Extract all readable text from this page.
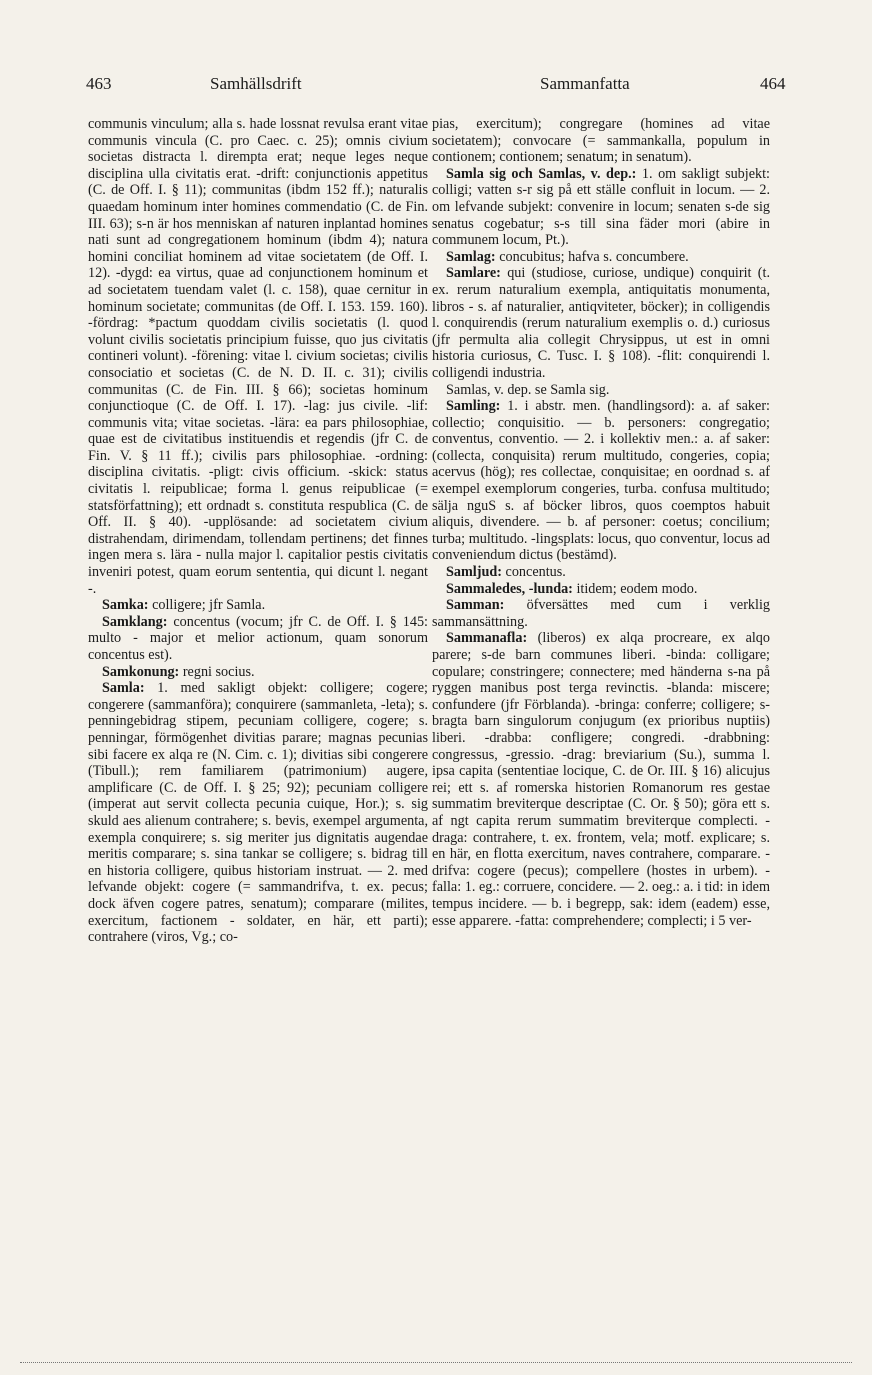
463	Samhällsdrift	Sammanfatta	464

communis vinculum; alla s. hade lossnat revulsa erant vitae communis vincula (C. pro Caec. c. 25); omnis civium societas distracta l. dirempta erat; neque leges neque disciplina ulla civitatis erat. -drift: conjunctionis appetitus (C. de Off. I. § 11); communitas (ibdm 152 ff.); naturalis quaedam hominum inter homines commendatio (C. de Fin. III. 63); s-n är hos menniskan af naturen inplantad homines nati sunt ad congregationem hominum (ibdm 4); natura homini conciliat hominem ad vitae societatem (de Off. I. 12). -dygd: ea virtus, quae ad conjunctionem hominum et ad societatem tuendam valet (l. c. 158), quae cernitur in hominum societate; communitas (de Off. I. 153. 159. 160). -fördrag: *pactum quoddam civilis societatis (l. quod volunt civilis societatis principium fuisse, quo jus civitatis contineri volunt). -förening: vitae l. civium societas; civilis consociatio et societas (C. de N. D. II. c. 31); civilis communitas (C. de Fin. III. § 66); societas hominum conjunctioque (C. de Off. I. 17). -lag: jus civile. -lif: communis vita; vitae societas. -lära: ea pars philosophiae, quae est de civitatibus instituendis et regendis (jfr C. de Fin. V. § 11 ff.); civilis pars philosophiae. -ordning: disciplina civitatis. -pligt: civis officium. -skick: status civitatis l. reipublicae; forma l. genus reipublicae (= statsförfattning); ett ordnadt s. constituta respublica (C. de Off. II. § 40). -upplösande: ad societatem civium distrahendam, dirimendam, tollendam pertinens; det finnes ingen mera s. lära - nulla major l. capitalior pestis civitatis inveniri potest, quam eorum sententia, qui dicunt l. negant -.

Samka: colligere; jfr Samla.

Samklang: concentus (vocum; jfr C. de Off. I. § 145: multo - major et melior actionum, quam sonorum concentus est).

Samkonung: regni socius.

Samla: 1. med sakligt objekt: colligere; cogere; congerere (sammanföra); conquirere (sammanleta, -leta); s. penningebidrag stipem, pecuniam colligere, cogere; s. penningar, förmögenhet divitias parare; magnas pecunias sibi facere ex alqa re (N. Cim. c. 1); divitias sibi congerere (Tibull.); rem familiarem (patrimonium) augere, amplificare (C. de Off. I. § 25; 92); pecuniam colligere (imperat aut servit collecta pecunia cuique, Hor.); s. sig skuld aes alienum contrahere; s. bevis, exempel argumenta, exempla conquirere; s. sig meriter jus dignitatis augendae meritis comparare; s. sina tankar se colligere; s. bidrag till en historia colligere, quibus historiam instruat. — 2. med lefvande objekt: cogere (= sammandrifva, t. ex. pecus; dock äfven cogere patres, senatum); comparare (milites, exercitum, factionem - soldater, en här, ett parti); contrahere (viros, Vg.; co-

pias, exercitum); congregare (homines ad vitae societatem); convocare (= sammankalla, populum in contionem; contionem; senatum; in senatum).

Samla sig och Samlas, v. dep.: 1. om sakligt subjekt: colligi; vatten s-r sig på ett ställe confluit in locum. — 2. om lefvande subjekt: convenire in locum; senaten s-de sig senatus cogebatur; s-s till sina fäder mori (abire in communem locum, Pt.).

Samlag: concubitus; hafva s. concumbere.

Samlare: qui (studiose, curiose, undique) conquirit (t. ex. rerum naturalium exempla, antiquitatis monumenta, libros - s. af naturalier, antiqviteter, böcker); in colligendis l. conquirendis (rerum naturalium exemplis o. d.) curiosus (jfr permulta alia collegit Chrysippus, ut est in omni historia curiosus, C. Tusc. I. § 108). -flit: conquirendi l. colligendi industria.

Samlas, v. dep. se Samla sig.

Samling: 1. i abstr. men. (handlingsord): a. af saker: collectio; conquisitio. — b. personers: congregatio; conventus, conventio. — 2. i kollektiv men.: a. af saker: (collecta, conquisita) rerum multitudo, congeries, copia; acervus (hög); res collectae, conquisitae; en oordnad s. af exempel exemplorum congeries, turba. confusa multitudo; sälja nguS s. af böcker libros, quos coemptos habuit aliquis, divendere. — b. af personer: coetus; concilium; turba; multitudo. -lingsplats: locus, quo conventur, locus ad conveniendum dictus (bestämd).

Samljud: concentus.

Sammaledes, -lunda: itidem; eodem modo.

Samman: öfversättes med cum i verklig sammansättning.

Sammanafla: (liberos) ex alqa procreare, ex alqo parere; s-de barn communes liberi. -binda: colligare; copulare; constringere; connectere; med händerna s-na på ryggen manibus post terga revinctis. -blanda: miscere; confundere (jfr Förblanda). -bringa: conferre; colligere; s-bragta barn singulorum conjugum (ex prioribus nuptiis) liberi. -drabba: confligere; congredi. -drabbning: congressus, -gressio. -drag: breviarium (Su.), summa l. ipsa capita (sententiae locique, C. de Or. III. § 16) alicujus rei; ett s. af romerska historien Romanorum res gestae summatim breviterque descriptae (C. Or. § 50); göra ett s. af ngt capita rerum summatim breviterque complecti. -draga: contrahere, t. ex. frontem, vela; motf. explicare; s. en här, en flotta exercitum, naves contrahere, comparare. -drifva: cogere (pecus); compellere (hostes in urbem). -falla: 1. eg.: corruere, concidere. — 2. oeg.: a. i tid: in idem tempus incidere. — b. i begrepp, sak: idem (eadem) esse, esse apparere. -fatta: comprehendere; complecti; i 5 ver-
